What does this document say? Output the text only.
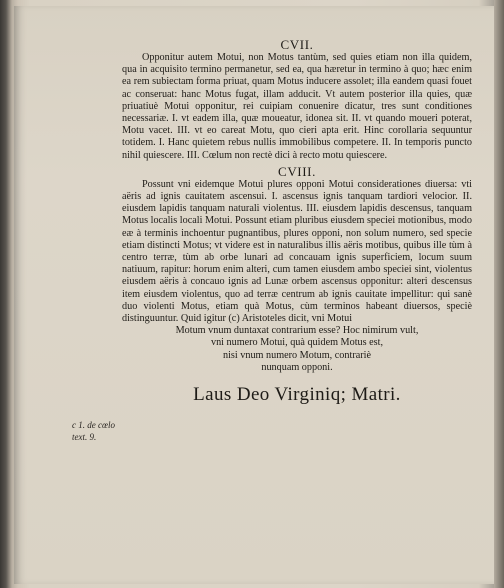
CVII.

Opponitur autem Motui, non Motus tantùm, sed quies etiam non illa quidem, qua in acquisito termino permanetur, sed ea, qua hæretur in termino à quo; hæc enim ea rem subiectam forma priuat, quam Motus inducere assolet; illa eandem quasi fouet ac conseruat: hanc Motus fugat, illam adducit. Vt autem posterior illa quies, quæ priuatiuè Motui opponitur, rei cuipiam conuenire dicatur, tres sunt conditiones necessariæ. I. vt eadem illa, quæ moueatur, idonea sit. II. vt quando moueri poterat, Motu vacet. III. vt eo careat Motu, quo cieri apta erit. Hinc corollaria sequuntur totidem. I. Hanc quietem rebus nullis immobilibus competere. II. In temporis puncto nihil quiescere. III. Cœlum non rectè dici à recto motu quiescere.

CVIII.

Possunt vni eidemque Motui plures opponi Motui considerationes diuersa: vti aëris ad ignis cauitatem ascensui. I. ascensus ignis tanquam tardiori velocior. II. eiusdem lapidis tanquam naturali violentus. III. eiusdem lapidis descensus, tanquam Motus localis locali Motui. Possunt etiam pluribus eiusdem speciei motionibus, modo eæ à terminis inchoentur pugnantibus, plures opponi, non solum numero, sed specie etiam distincti Motus; vt videre est in naturalibus illis aëris motibus, quibus ille tùm à centro terræ, tùm ab orbe lunari ad concauam ignis superficiem, locum suum natiuum, rapitur: horum enim alteri, cum tamen eiusdem ambo speciei sint, violentus eiusdem aëris à concauo ignis ad Lunæ orbem ascensus opponitur: alteri descensus item eiusdem violentus, quo ad terræ centrum ab ignis cauitate impellitur: qui sanè duo violenti Motus, etiam quà Motus, cùm terminos habeant diuersos, speciè distinguuntur. Quid igitur (c) Aristoteles dicit, vni Motui

Motum vnum duntaxat contrarium esse? Hoc nimirum vult,

vni numero Motui, quà quidem Motus est,

nisi vnum numero Motum, contrariè

nunquam opponi.

Laus Deo Virginiq; Matri.
c 1. de cœlo
text. 9.
